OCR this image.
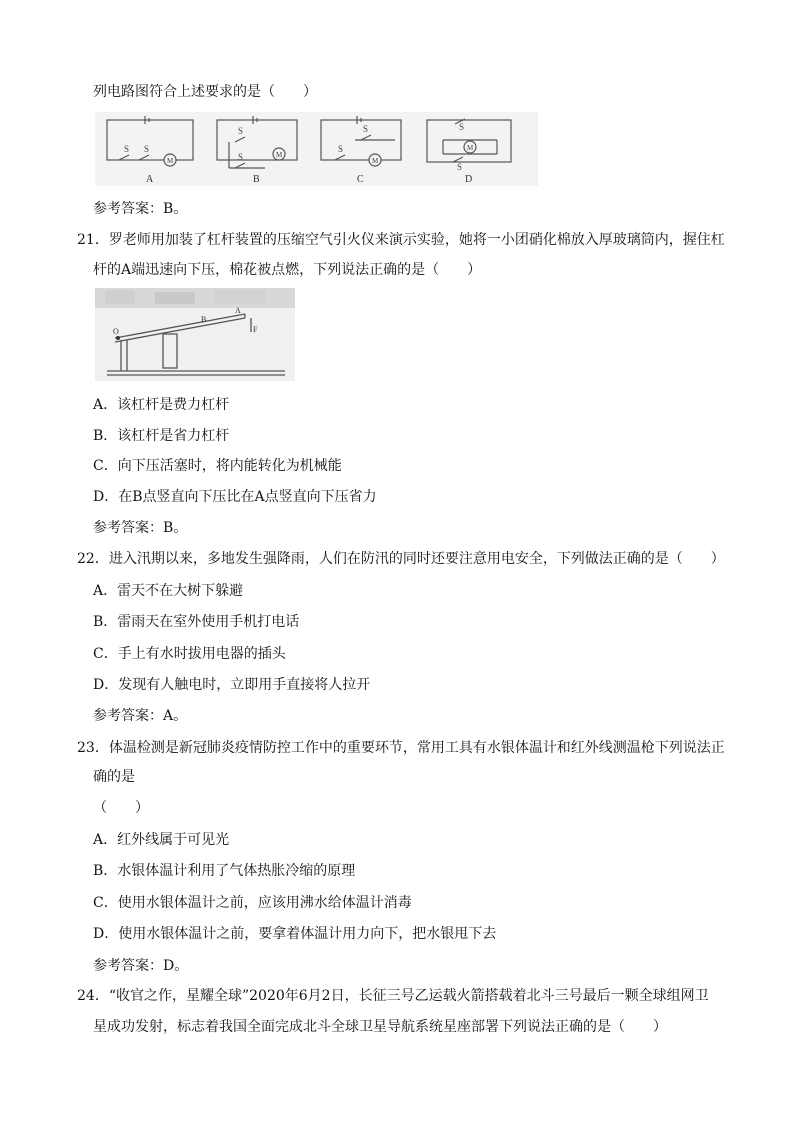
列电路图符合上述要求的是（　　）
S S
M
S
S	M
S
S
M
S
M
S
A	B	C	D
参考答案：B。
21．罗老师用加装了杠杆装置的压缩空气引火仪来演示实验，她将一小团硝化棉放入厚玻璃筒内，握住杠
杆的A端迅速向下压，棉花被点燃，下列说法正确的是（　　）
O
B
A
F
A．该杠杆是费力杠杆
B．该杠杆是省力杠杆
C．向下压活塞时，将内能转化为机械能
D．在B点竖直向下压比在A点竖直向下压省力
参考答案：B。
22．进入汛期以来，多地发生强降雨，人们在防汛的同时还要注意用电安全，下列做法正确的是（　　）
A．雷天不在大树下躲避
B．雷雨天在室外使用手机打电话
C．手上有水时拔用电器的插头
D．发现有人触电时，立即用手直接将人拉开
参考答案：A。
23．体温检测是新冠肺炎疫情防控工作中的重要环节，常用工具有水银体温计和红外线测温枪下列说法正
确的是
（　　）
A．红外线属于可见光
B．水银体温计利用了气体热胀冷缩的原理
C．使用水银体温计之前，应该用沸水给体温计消毒
D．使用水银体温计之前，要拿着体温计用力向下，把水银甩下去
参考答案：D。
24．“收官之作，星耀全球”2020年6月2日，长征三号乙运载火箭搭载着北斗三号最后一颗全球组网卫
星成功发射，标志着我国全面完成北斗全球卫星导航系统星座部署下列说法正确的是（　　）
